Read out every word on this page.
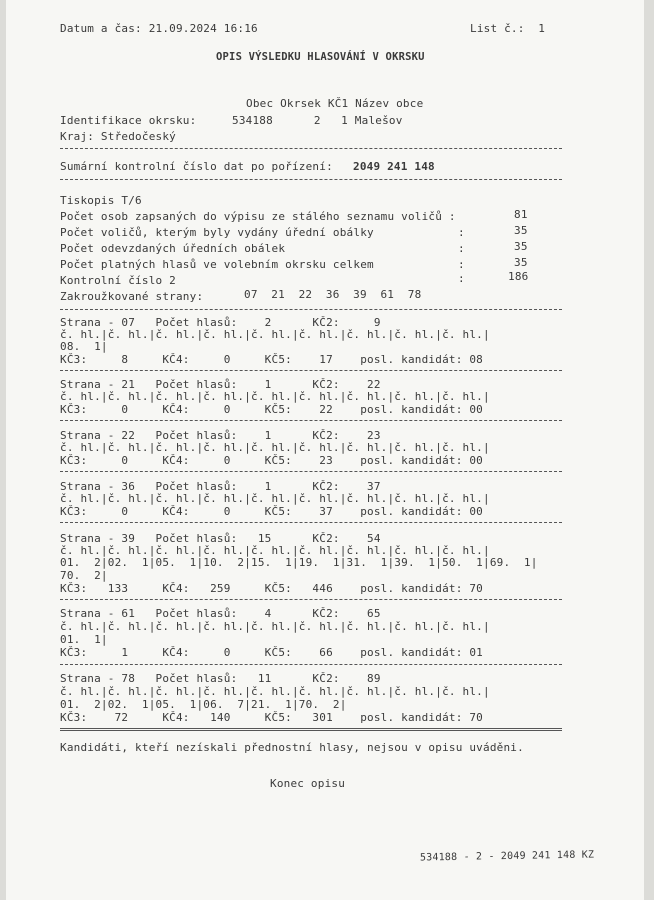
Datum a čas: 21.09.2024 16:16	List č.:  1
OPIS VÝSLEDKU HLASOVÁNÍ V OKRSKU
Obec Okrsek KČ1 Název obce
Identifikace okrsku:	534188      2   1 Malešov
Kraj: Středočeský
Sumární kontrolní číslo dat po pořízení: 2049 241 148
Tiskopis T/6
Počet osob zapsaných do výpisu ze stálého seznamu voličů :	81
Počet voličů, kterým byly vydány úřední obálky	:	35
Počet odevzdaných úředních obálek	:	35
Počet platných hlasů ve volebním okrsku celkem	:	35
Kontrolní číslo 2	:	186
Zakroužkované strany:	07  21  22  36  39  61  78
Strana - 07   Počet hlasů:    2      KČ2:     9
č. hl.|č. hl.|č. hl.|č. hl.|č. hl.|č. hl.|č. hl.|č. hl.|č. hl.|
08.  1|
KČ3:     8     KČ4:     0     KČ5:    17    posl. kandidát: 08
Strana - 21   Počet hlasů:    1      KČ2:    22
č. hl.|č. hl.|č. hl.|č. hl.|č. hl.|č. hl.|č. hl.|č. hl.|č. hl.|
KČ3:     0     KČ4:     0     KČ5:    22    posl. kandidát: 00
Strana - 22   Počet hlasů:    1      KČ2:    23
č. hl.|č. hl.|č. hl.|č. hl.|č. hl.|č. hl.|č. hl.|č. hl.|č. hl.|
KČ3:     0     KČ4:     0     KČ5:    23    posl. kandidát: 00
Strana - 36   Počet hlasů:    1      KČ2:    37
č. hl.|č. hl.|č. hl.|č. hl.|č. hl.|č. hl.|č. hl.|č. hl.|č. hl.|
KČ3:     0     KČ4:     0     KČ5:    37    posl. kandidát: 00
Strana - 39   Počet hlasů:   15      KČ2:    54
č. hl.|č. hl.|č. hl.|č. hl.|č. hl.|č. hl.|č. hl.|č. hl.|č. hl.|
01.  2|02.  1|05.  1|10.  2|15.  1|19.  1|31.  1|39.  1|50.  1|69.  1|
70.  2|
KČ3:   133     KČ4:   259     KČ5:   446    posl. kandidát: 70
Strana - 61   Počet hlasů:    4      KČ2:    65
č. hl.|č. hl.|č. hl.|č. hl.|č. hl.|č. hl.|č. hl.|č. hl.|č. hl.|
01.  1|
KČ3:     1     KČ4:     0     KČ5:    66    posl. kandidát: 01
Strana - 78   Počet hlasů:   11      KČ2:    89
č. hl.|č. hl.|č. hl.|č. hl.|č. hl.|č. hl.|č. hl.|č. hl.|č. hl.|
01.  2|02.  1|05.  1|06.  7|21.  1|70.  2|
KČ3:    72     KČ4:   140     KČ5:   301    posl. kandidát: 70
Kandidáti, kteří nezískali přednostní hlasy, nejsou v opisu uváděni.
Konec opisu
534188 - 2 - 2049 241 148 KZ
